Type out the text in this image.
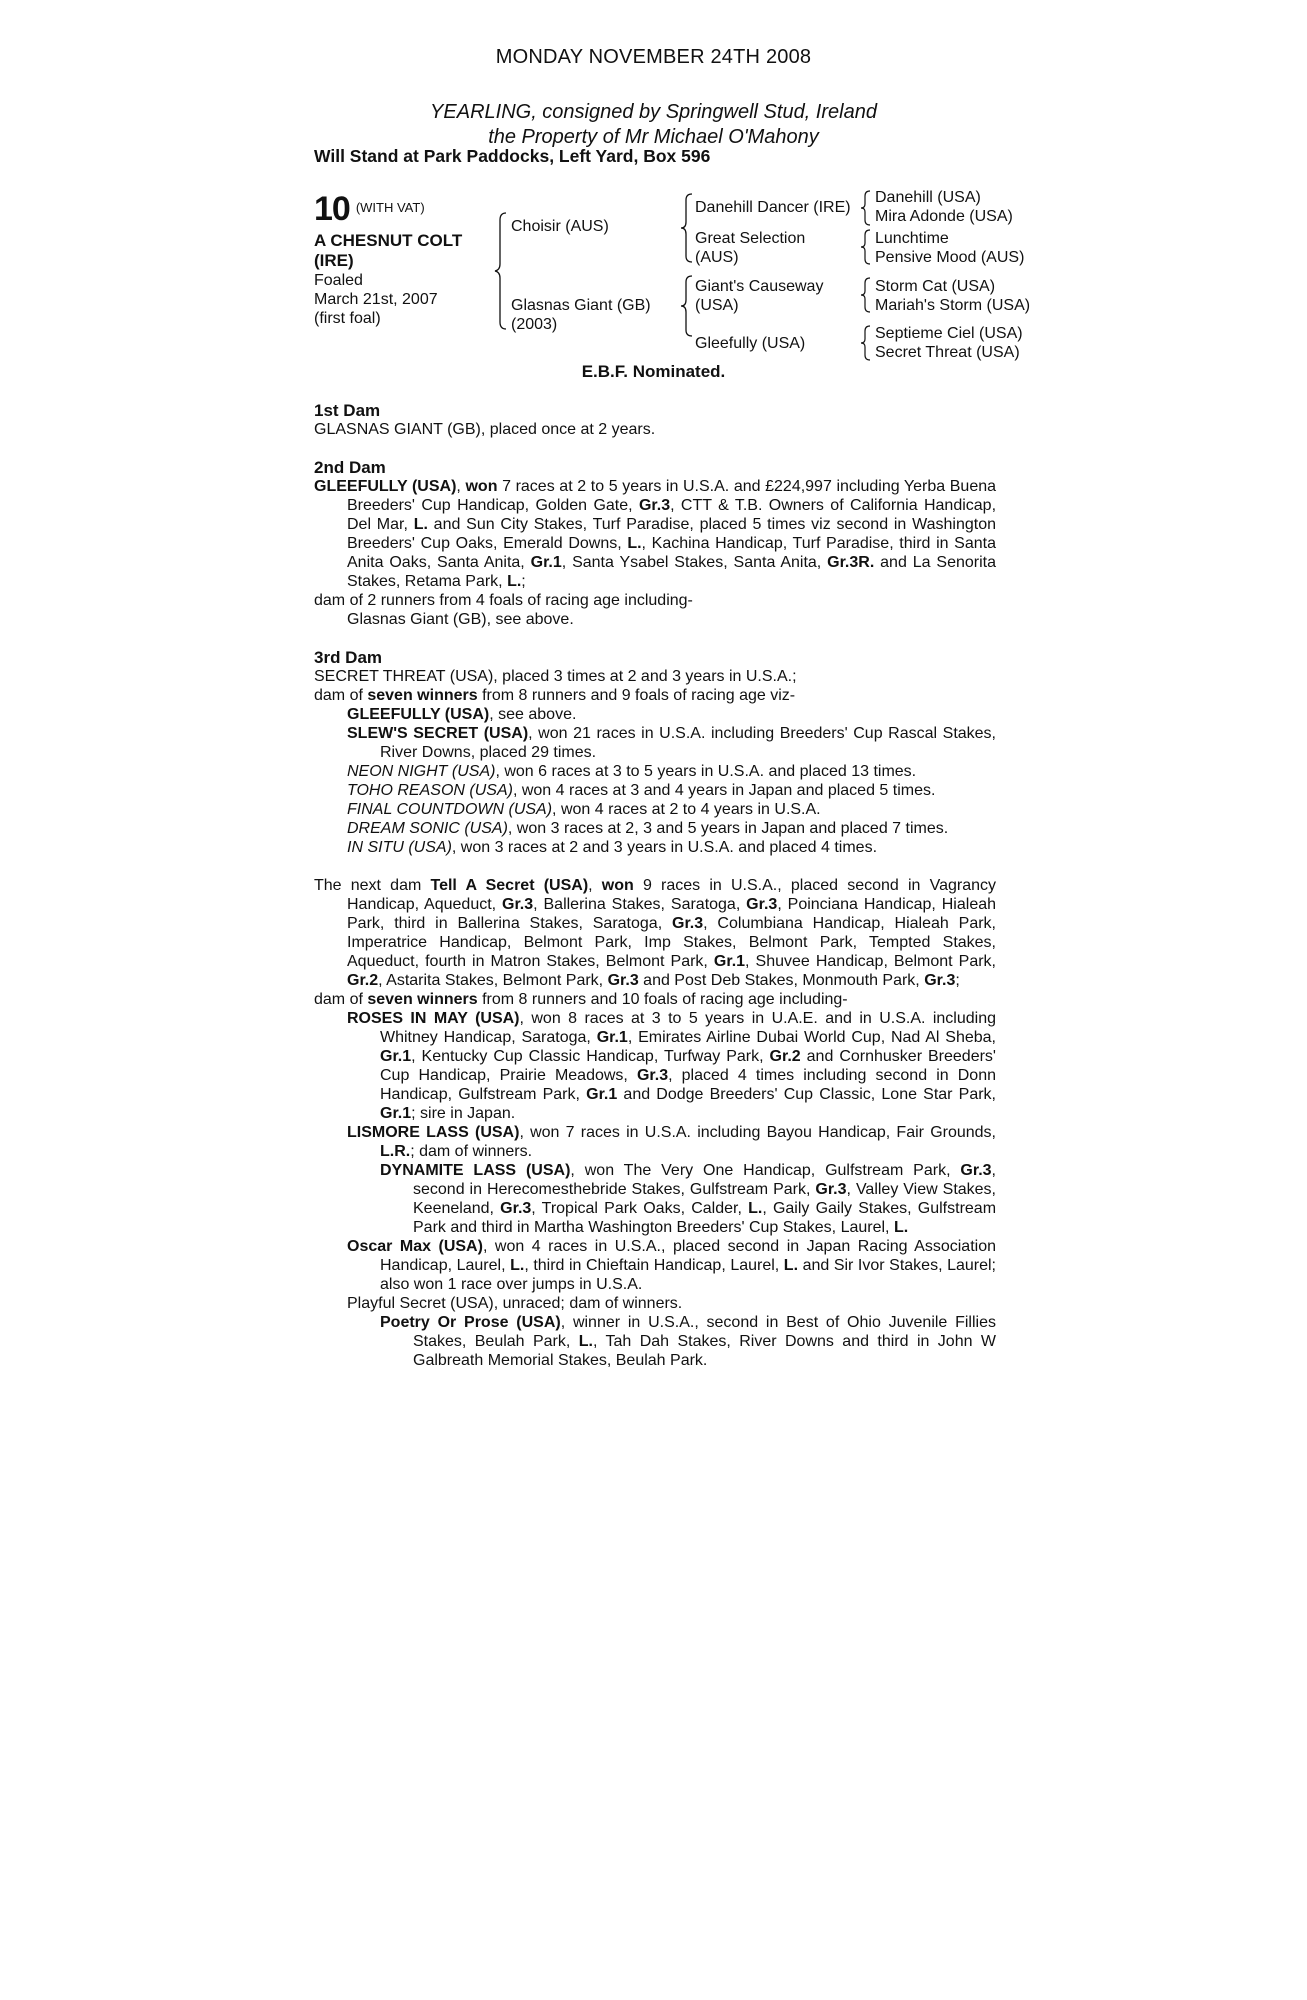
MONDAY NOVEMBER 24TH 2008
YEARLING, consigned by Springwell Stud, Ireland
the Property of Mr Michael O'Mahony
Will Stand at Park Paddocks, Left Yard, Box 596
10 $^{(WITH VAT)}$
A CHESNUT COLT
(IRE)
Foaled
March 21st, 2007
(first foal)
Choisir (AUS)
Glasnas Giant (GB)
(2003)
Danehill Dancer (IRE)
Great Selection
(AUS)
Giant's Causeway
(USA)
Gleefully (USA)
Danehill (USA)
Mira Adonde (USA)
Lunchtime
Pensive Mood (AUS)
Storm Cat (USA)
Mariah's Storm (USA)
Septieme Ciel (USA)
Secret Threat (USA)
E.B.F. Nominated.
1st Dam
GLASNAS GIANT (GB), placed once at 2 years.
2nd Dam
GLEEFULLY (USA), won 7 races at 2 to 5 years in U.S.A. and £224,997 including Yerba Buena Breeders' Cup Handicap, Golden Gate, Gr.3, CTT & T.B. Owners of California Handicap, Del Mar, L. and Sun City Stakes, Turf Paradise, placed 5 times viz second in Washington Breeders' Cup Oaks, Emerald Downs, L., Kachina Handicap, Turf Paradise, third in Santa Anita Oaks, Santa Anita, Gr.1, Santa Ysabel Stakes, Santa Anita, Gr.3R. and La Senorita Stakes, Retama Park, L.;
dam of 2 runners from 4 foals of racing age including-
Glasnas Giant (GB), see above.
3rd Dam
SECRET THREAT (USA), placed 3 times at 2 and 3 years in U.S.A.;
dam of seven winners from 8 runners and 9 foals of racing age viz-
GLEEFULLY (USA), see above.
SLEW'S SECRET (USA), won 21 races in U.S.A. including Breeders' Cup Rascal Stakes, River Downs, placed 29 times.
NEON NIGHT (USA), won 6 races at 3 to 5 years in U.S.A. and placed 13 times.
TOHO REASON (USA), won 4 races at 3 and 4 years in Japan and placed 5 times.
FINAL COUNTDOWN (USA), won 4 races at 2 to 4 years in U.S.A.
DREAM SONIC (USA), won 3 races at 2, 3 and 5 years in Japan and placed 7 times.
IN SITU (USA), won 3 races at 2 and 3 years in U.S.A. and placed 4 times.
The next dam Tell A Secret (USA), won 9 races in U.S.A., placed second in Vagrancy Handicap, Aqueduct, Gr.3, Ballerina Stakes, Saratoga, Gr.3, Poinciana Handicap, Hialeah Park, third in Ballerina Stakes, Saratoga, Gr.3, Columbiana Handicap, Hialeah Park, Imperatrice Handicap, Belmont Park, Imp Stakes, Belmont Park, Tempted Stakes, Aqueduct, fourth in Matron Stakes, Belmont Park, Gr.1, Shuvee Handicap, Belmont Park, Gr.2, Astarita Stakes, Belmont Park, Gr.3 and Post Deb Stakes, Monmouth Park, Gr.3;
dam of seven winners from 8 runners and 10 foals of racing age including-
ROSES IN MAY (USA), won 8 races at 3 to 5 years in U.A.E. and in U.S.A. including Whitney Handicap, Saratoga, Gr.1, Emirates Airline Dubai World Cup, Nad Al Sheba, Gr.1, Kentucky Cup Classic Handicap, Turfway Park, Gr.2 and Cornhusker Breeders' Cup Handicap, Prairie Meadows, Gr.3, placed 4 times including second in Donn Handicap, Gulfstream Park, Gr.1 and Dodge Breeders' Cup Classic, Lone Star Park, Gr.1; sire in Japan.
LISMORE LASS (USA), won 7 races in U.S.A. including Bayou Handicap, Fair Grounds, L.R.; dam of winners.
DYNAMITE LASS (USA), won The Very One Handicap, Gulfstream Park, Gr.3, second in Herecomesthebride Stakes, Gulfstream Park, Gr.3, Valley View Stakes, Keeneland, Gr.3, Tropical Park Oaks, Calder, L., Gaily Gaily Stakes, Gulfstream Park and third in Martha Washington Breeders' Cup Stakes, Laurel, L.
Oscar Max (USA), won 4 races in U.S.A., placed second in Japan Racing Association Handicap, Laurel, L., third in Chieftain Handicap, Laurel, L. and Sir Ivor Stakes, Laurel; also won 1 race over jumps in U.S.A.
Playful Secret (USA), unraced; dam of winners.
Poetry Or Prose (USA), winner in U.S.A., second in Best of Ohio Juvenile Fillies Stakes, Beulah Park, L., Tah Dah Stakes, River Downs and third in John W Galbreath Memorial Stakes, Beulah Park.
